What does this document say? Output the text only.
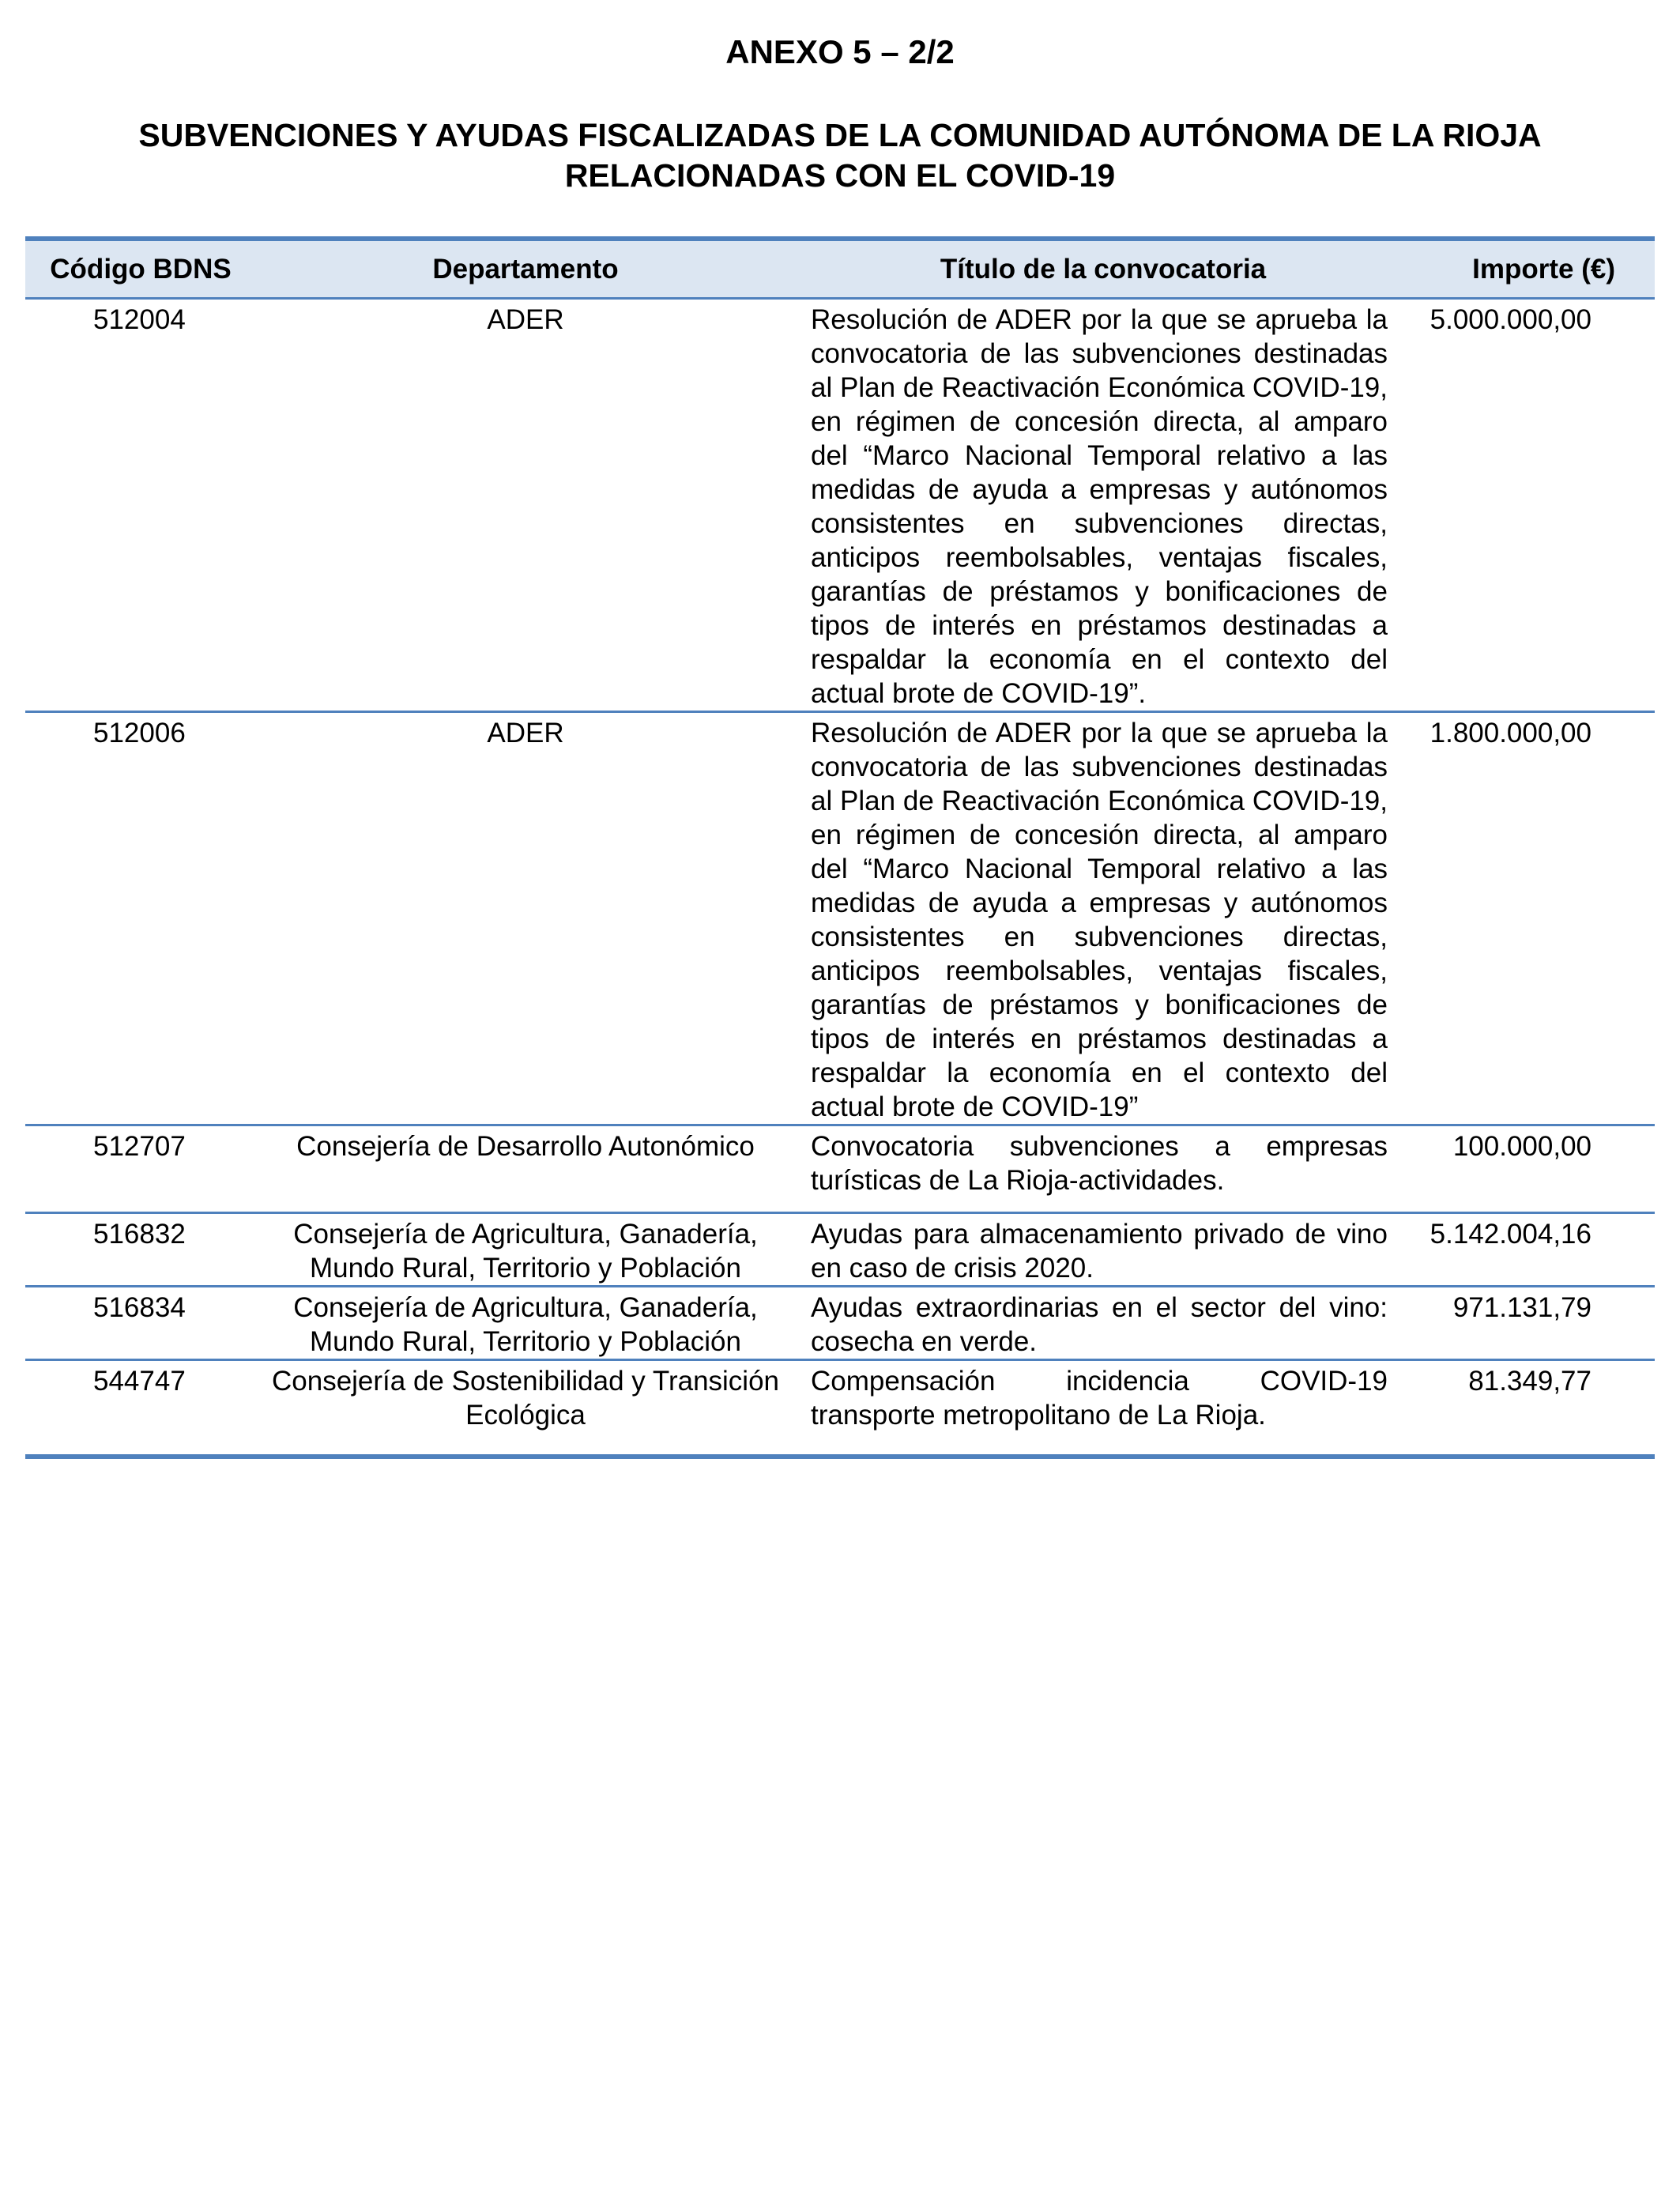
ANEXO 5 – 2/2
SUBVENCIONES Y AYUDAS FISCALIZADAS DE LA COMUNIDAD AUTÓNOMA DE LA RIOJA
RELACIONADAS CON EL COVID-19
Código BDNS	Departamento	Título de la convocatoria	Importe (€)
512004	ADER	Resolución de ADER por la que se aprueba la convocatoria de las subvenciones destinadas al Plan de Reactivación Económica COVID-19, en régimen de concesión directa, al amparo del “Marco Nacional Temporal relativo a las medidas de ayuda a empresas y autónomos consistentes en subvenciones directas, anticipos reembolsables, ventajas fiscales, garantías de préstamos y bonificaciones de tipos de interés en préstamos destinadas a respaldar la economía en el contexto del actual brote de COVID-19”.	5.000.000,00
512006	ADER	Resolución de ADER por la que se aprueba la convocatoria de las subvenciones destinadas al Plan de Reactivación Económica COVID-19, en régimen de concesión directa, al amparo del “Marco Nacional Temporal relativo a las medidas de ayuda a empresas y autónomos consistentes en subvenciones directas, anticipos reembolsables, ventajas fiscales, garantías de préstamos y bonificaciones de tipos de interés en préstamos destinadas a respaldar la economía en el contexto del actual brote de COVID-19”	1.800.000,00
512707	Consejería de Desarrollo Autonómico	Convocatoria subvenciones a empresas turísticas de La Rioja-actividades.	100.000,00
516832	Consejería de Agricultura, Ganadería, Mundo Rural, Territorio y Población	Ayudas para almacenamiento privado de vino en caso de crisis 2020.	5.142.004,16
516834	Consejería de Agricultura, Ganadería, Mundo Rural, Territorio y Población	Ayudas extraordinarias en el sector del vino: cosecha en verde.	971.131,79
544747	Consejería de Sostenibilidad y Transición Ecológica	Compensación incidencia COVID-19 transporte metropolitano de La Rioja.	81.349,77
